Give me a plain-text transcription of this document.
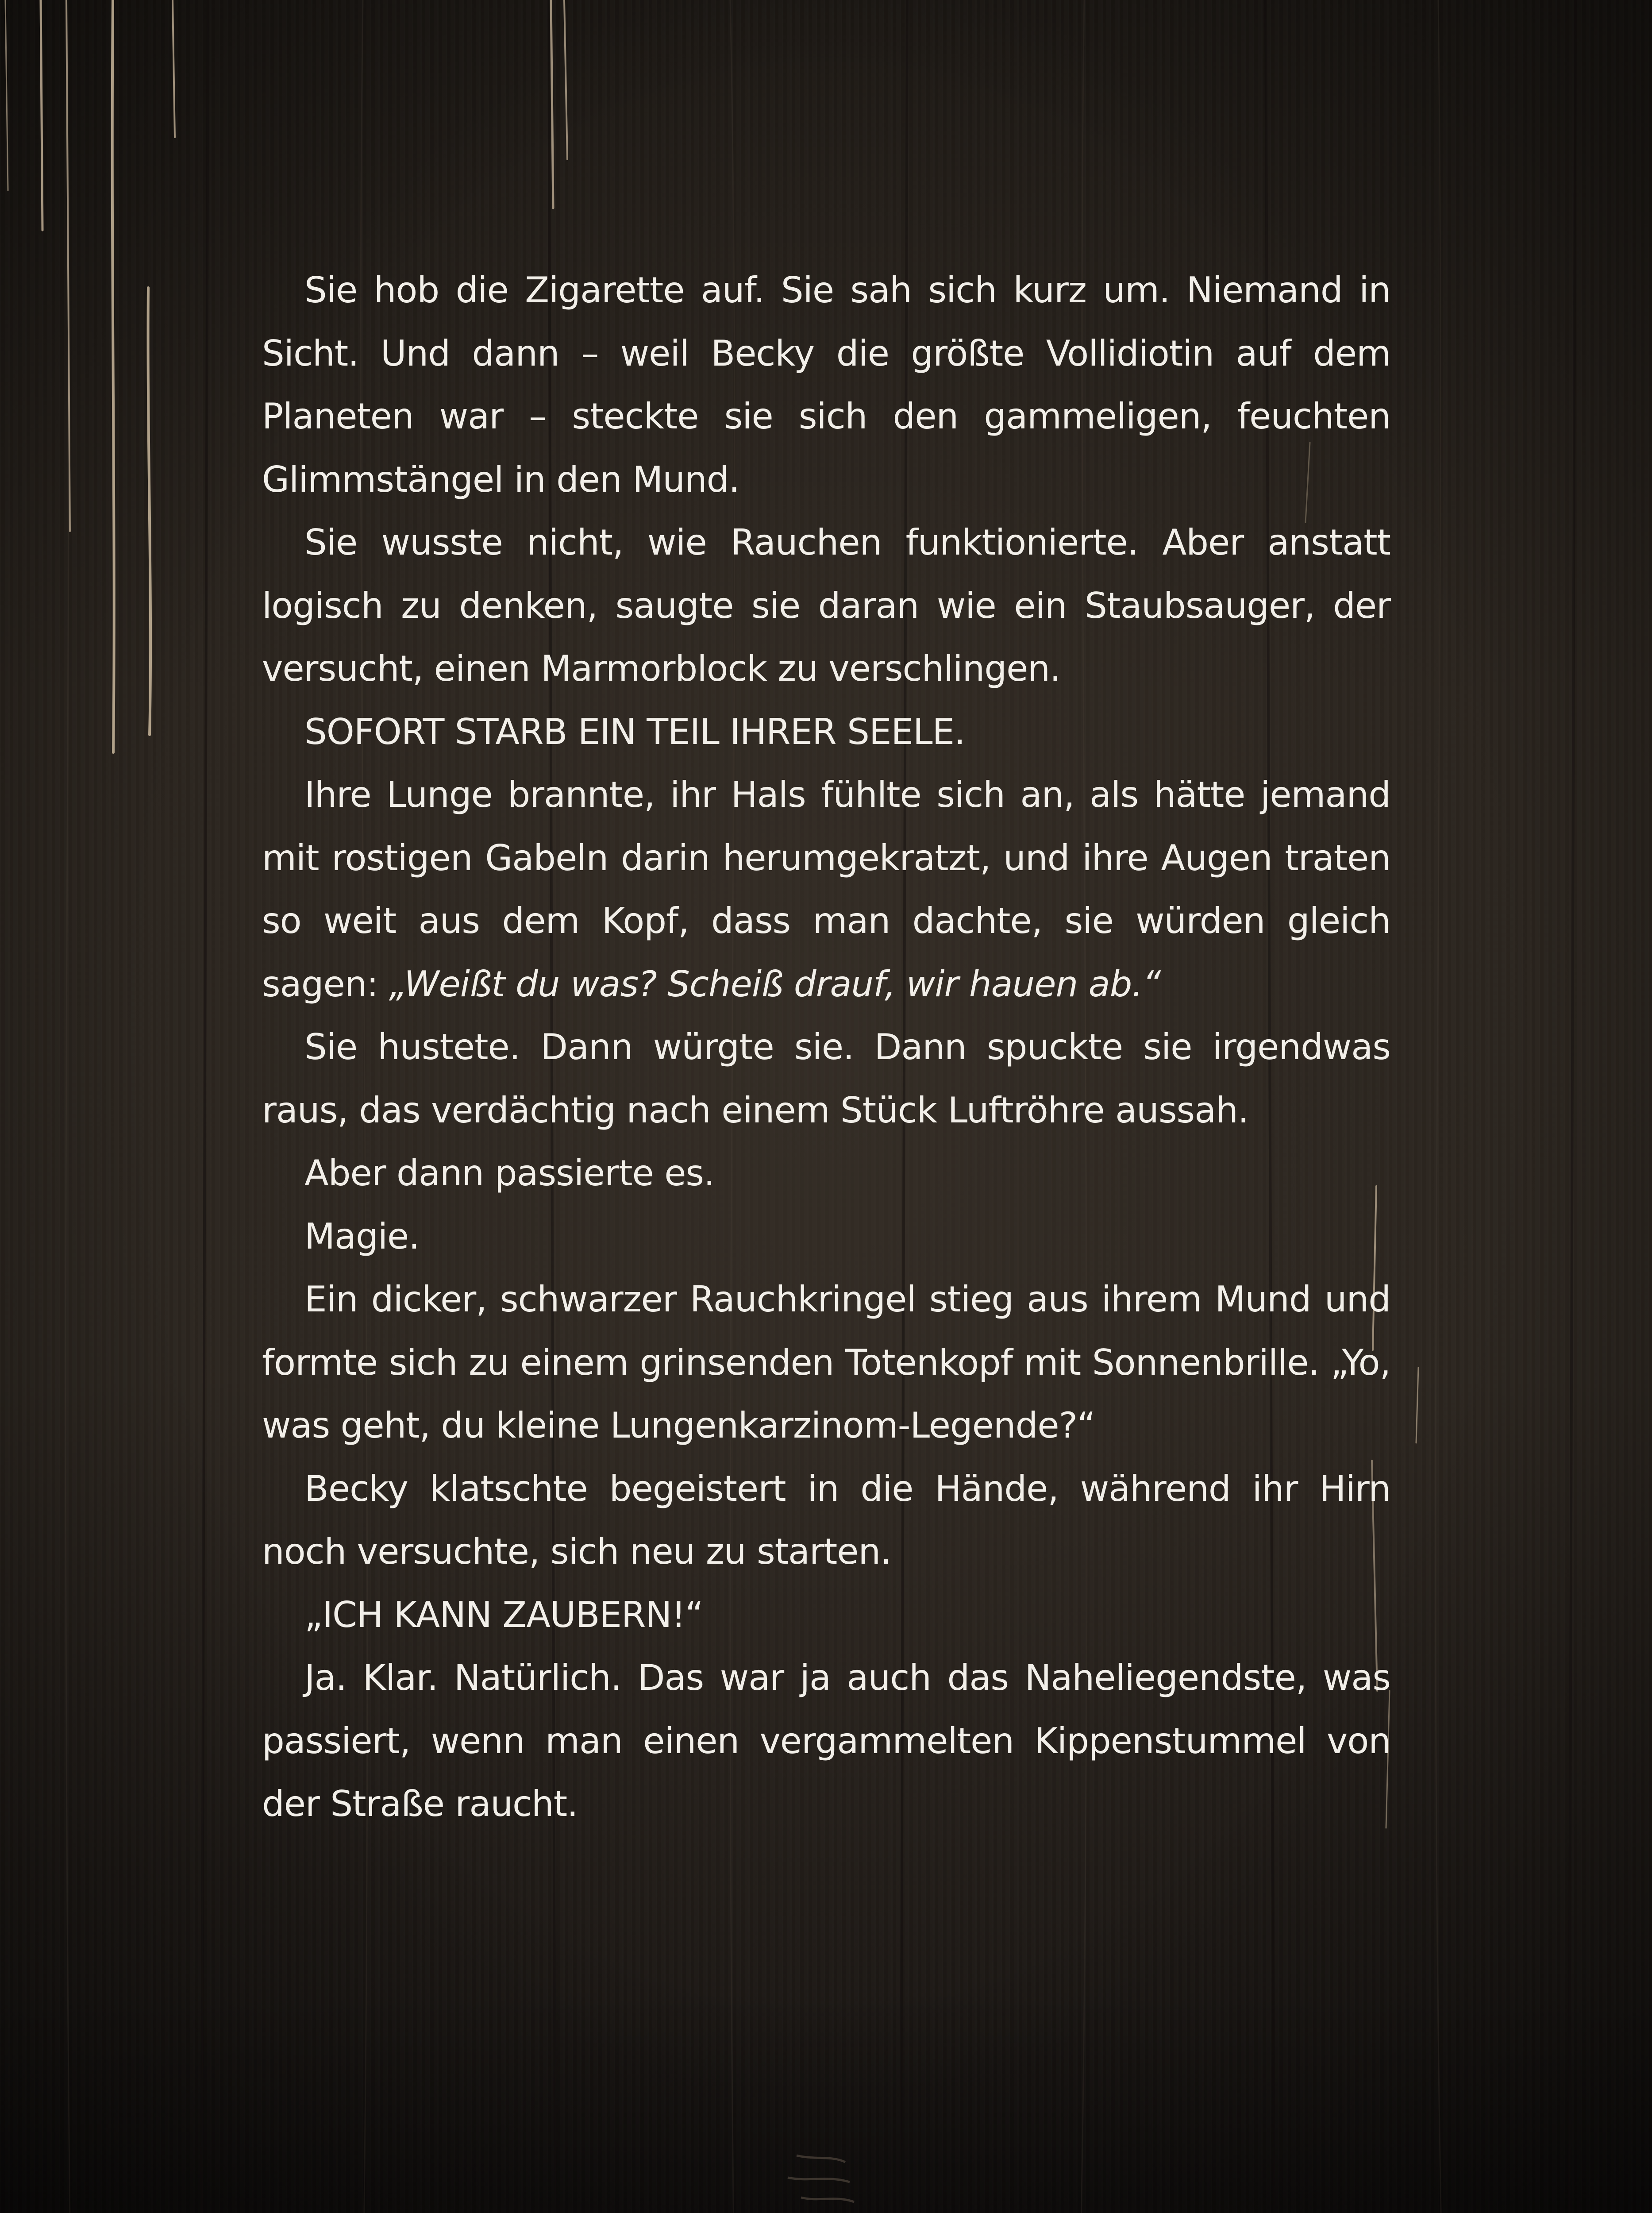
Sie hob die Zigarette auf. Sie sah sich kurz um. Niemand in Sicht. Und dann – weil Becky die größte Vollidiotin auf dem Planeten war – steckte sie sich den gammeligen, feuchten Glimmstängel in den Mund.

Sie wusste nicht, wie Rauchen funktionierte. Aber anstatt logisch zu denken, saugte sie daran wie ein Staubsauger, der versucht, einen Marmorblock zu verschlingen.

SOFORT STARB EIN TEIL IHRER SEELE.

Ihre Lunge brannte, ihr Hals fühlte sich an, als hätte jemand mit rostigen Gabeln darin herumgekratzt, und ihre Augen traten so weit aus dem Kopf, dass man dachte, sie würden gleich sagen: „Weißt du was? Scheiß drauf, wir hauen ab.“

Sie hustete. Dann würgte sie. Dann spuckte sie irgendwas raus, das verdächtig nach einem Stück Luftröhre aussah.

Aber dann passierte es.

Magie.

Ein dicker, schwarzer Rauchkringel stieg aus ihrem Mund und formte sich zu einem grinsenden Totenkopf mit Sonnenbrille. „Yo, was geht, du kleine Lungenkarzinom-Legende?“

Becky klatschte begeistert in die Hände, während ihr Hirn noch versuchte, sich neu zu starten.

„ICH KANN ZAUBERN!“

Ja. Klar. Natürlich. Das war ja auch das Naheliegendste, was passiert, wenn man einen vergammelten Kippenstummel von der Straße raucht.
